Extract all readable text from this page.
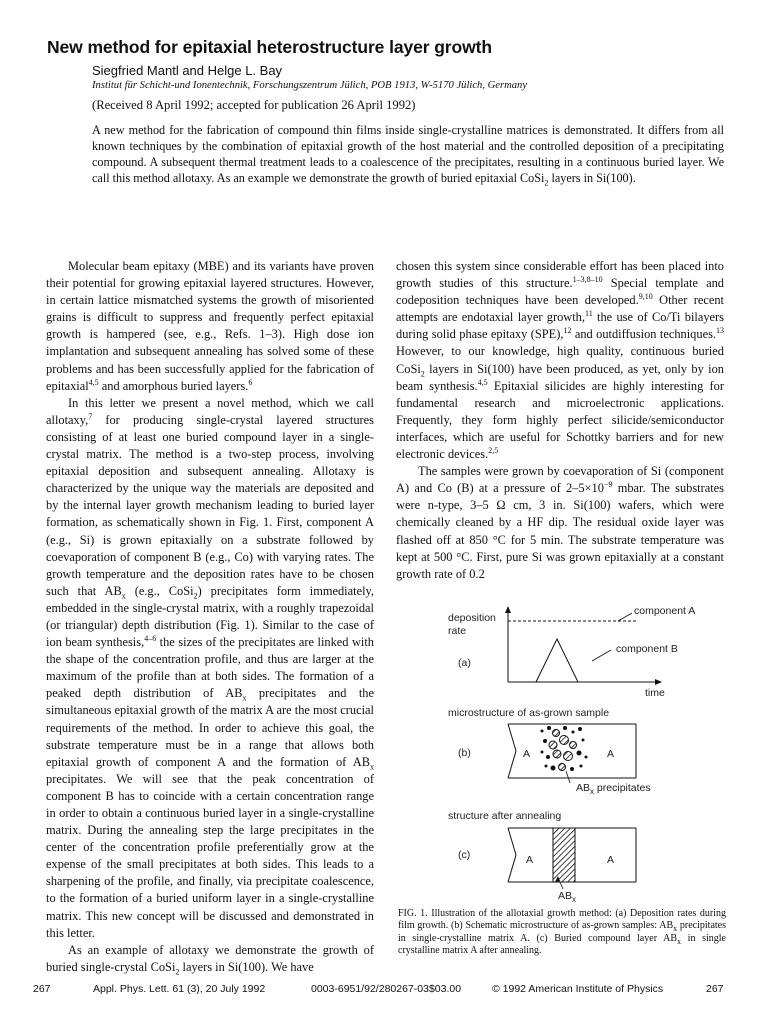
New method for epitaxial heterostructure layer growth
Siegfried Mantl and Helge L. Bay
Institut für Schicht-und Ionentechnik, Forschungszentrum Jülich, POB 1913, W-5170 Jülich, Germany
(Received 8 April 1992; accepted for publication 26 April 1992)

A new method for the fabrication of compound thin films inside single-crystalline matrices is demonstrated. It differs from all known techniques by the combination of epitaxial growth of the host material and the controlled deposition of a precipitating compound. A subsequent thermal treatment leads to a coalescence of the precipitates, resulting in a continuous buried layer. We call this method allotaxy. As an example we demonstrate the growth of buried epitaxial CoSi$_2$ layers in Si(100).

Molecular beam epitaxy (MBE) and its variants have proven their potential for growing epitaxial layered structures. However, in certain lattice mismatched systems the growth of misoriented grains is difficult to suppress and frequently perfect epitaxial growth is hampered (see, e.g., Refs. 1–3). High dose ion implantation and subsequent annealing has solved some of these problems and has been successfully applied for the fabrication of epitaxial$^{4,5}$ and amorphous buried layers.$^6$

In this letter we present a novel method, which we call allotaxy,$^7$ for producing single-crystal layered structures consisting of at least one buried compound layer in a single-crystal matrix. The method is a two-step process, involving epitaxial deposition and subsequent annealing. Allotaxy is characterized by the unique way the materials are deposited and by the internal layer growth mechanism leading to buried layer formation, as schematically shown in Fig. 1. First, component A (e.g., Si) is grown epitaxially on a substrate followed by coevaporation of component B (e.g., Co) with varying rates. The growth temperature and the deposition rates have to be chosen such that $AB_x$ (e.g., CoSi$_2$) precipitates form immediately, embedded in the single-crystal matrix, with a roughly trapezoidal (or triangular) depth distribution (Fig. 1). Similar to the case of ion beam synthesis,$^{4-6}$ the sizes of the precipitates are linked with the shape of the concentration profile, and thus are larger at the maximum of the profile than at both sides. The formation of a peaked depth distribution of $AB_x$ precipitates and the simultaneous epitaxial growth of the matrix A are the most crucial requirements of the method. In order to achieve this goal, the substrate temperature must be in a range that allows both epitaxial growth of component A and the formation of $AB_x$ precipitates. We will see that the peak concentration of component B has to coincide with a certain concentration range in order to obtain a continuous buried layer in a single-crystalline matrix. During the annealing step the large precipitates in the center of the concentration profile preferentially grow at the expense of the small precipitates at both sides. This leads to a sharpening of the profile, and finally, via precipitate coalescence, to the formation of a buried uniform layer in a single-crystalline matrix. This new concept will be discussed and demonstrated in this letter.

As an example of allotaxy we demonstrate the growth of buried single-crystal CoSi$_2$ layers in Si(100). We have

chosen this system since considerable effort has been placed into growth studies of this structure.$^{1-3,8-10}$ Special template and codeposition techniques have been developed.$^{9,10}$ Other recent attempts are endotaxial layer growth,$^{11}$ the use of Co/Ti bilayers during solid phase epitaxy (SPE),$^{12}$ and outdiffusion techniques.$^{13}$ However, to our knowledge, high quality, continuous buried CoSi$_2$ layers in Si(100) have been produced, as yet, only by ion beam synthesis.$^{4,5}$ Epitaxial silicides are highly interesting for fundamental research and microelectronic applications. Frequently, they form highly perfect silicide/semiconductor interfaces, which are useful for Schottky barriers and for new electronic devices.$^{2,5}$

The samples were grown by coevaporation of Si (component A) and Co (B) at a pressure of $2-5\times 10^{-9}$ mbar. The substrates were n-type, 3–5 Ω cm, 3 in. Si(100) wafers, which were chemically cleaned by a HF dip. The residual oxide layer was flashed off at 850 °C for 5 min. The substrate temperature was kept at 500 °C. First, pure Si was grown epitaxially at a constant growth rate of 0.2

deposition
rate
component A
component B
(a)
time
microstructure of as-grown sample
(b)	A	A
$AB_x$ precipitates
structure after annealing
(c)	A	A
$AB_x$

FIG. 1. Illustration of the allotaxial growth method: (a) Deposition rates during film growth. (b) Schematic microstructure of as-grown samples: $AB_x$ precipitates in single-crystalline matrix A. (c) Buried compound layer $AB_x$ in single crystalline matrix A after annealing.

267	Appl. Phys. Lett. 61 (3), 20 July 1992	0003-6951/92/280267-03$03.00	© 1992 American Institute of Physics	267
